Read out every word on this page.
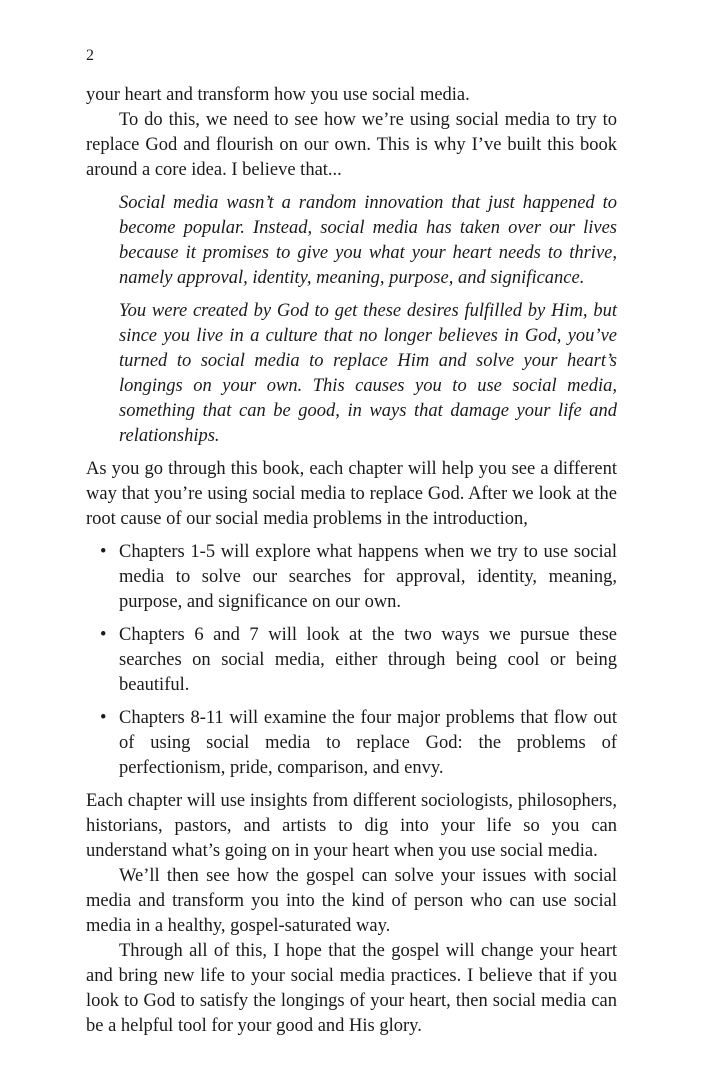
2

your heart and transform how you use social media.

To do this, we need to see how we’re using social media to try to replace God and flourish on our own. This is why I’ve built this book around a core idea. I believe that...

Social media wasn’t a random innovation that just happened to become popular. Instead, social media has taken over our lives because it promises to give you what your heart needs to thrive, namely approval, identity, meaning, purpose, and significance.

You were created by God to get these desires fulfilled by Him, but since you live in a culture that no longer believes in God, you’ve turned to social media to replace Him and solve your heart’s longings on your own. This causes you to use social media, something that can be good, in ways that damage your life and relationships.

As you go through this book, each chapter will help you see a different way that you’re using social media to replace God. After we look at the root cause of our social media problems in the introduction,

• Chapters 1-5 will explore what happens when we try to use social media to solve our searches for approval, identity, meaning, purpose, and significance on our own.
• Chapters 6 and 7 will look at the two ways we pursue these searches on social media, either through being cool or being beautiful.
• Chapters 8-11 will examine the four major problems that flow out of using social media to replace God: the problems of perfectionism, pride, comparison, and envy.

Each chapter will use insights from different sociologists, philosophers, historians, pastors, and artists to dig into your life so you can understand what’s going on in your heart when you use social media.

We’ll then see how the gospel can solve your issues with social media and transform you into the kind of person who can use social media in a healthy, gospel-saturated way.

Through all of this, I hope that the gospel will change your heart and bring new life to your social media practices. I believe that if you look to God to satisfy the longings of your heart, then social media can be a helpful tool for your good and His glory.
